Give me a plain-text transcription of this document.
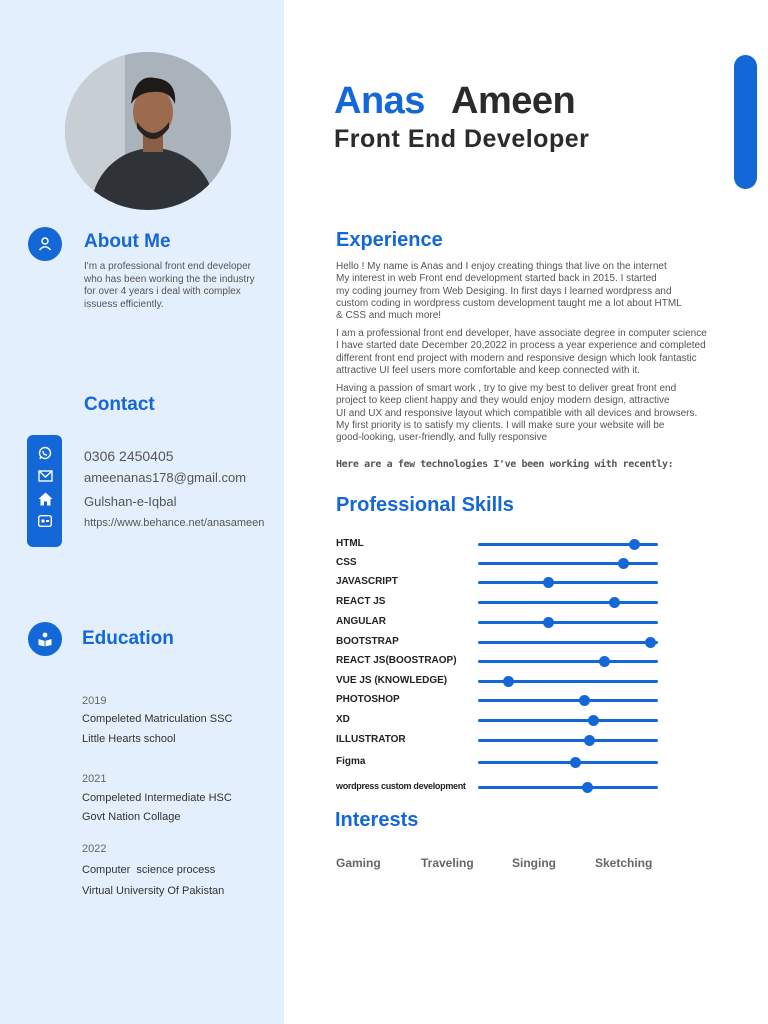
About Me
I'm a professional front end developer
who has been working the the industry
for over 4 years i deal with complex
issuess efficiently.
Contact
0306 2450405
ameenanas178@gmail.com
Gulshan-e-Iqbal
https://www.behance.net/anasameen
Education
2019
Compeleted Matriculation SSC
Little Hearts school
2021
Compeleted Intermediate HSC
Govt Nation Collage
2022
Computer  science process
Virtual University Of Pakistan
Anas Ameen
Front End Developer
Experience
Hello ! My name is Anas and I enjoy creating things that live on the internet
My interest in web Front end development started back in 2015. I started
my coding journey from Web Desiging. In first days I learned wordpress and
custom coding in wordpress custom development taught me a lot about HTML
& CSS and much more!
I am a professional front end developer, have associate degree in computer science
I have started date December 20,2022 in process a year experience and completed
different front end project with modern and responsive design which look fantastic
attractive UI feel users more comfortable and keep connected with it.
Having a passion of smart work , try to give my best to deliver great front end
project to keep client happy and they would enjoy modern design, attractive
UI and UX and responsive layout which compatible with all devices and browsers.
My first priority is to satisfy my clients. I will make sure your website will be
good-looking, user-friendly, and fully responsive
Here are a few technologies I've been working with recently:
Professional Skills
HTML
CSS
JAVASCRIPT
REACT JS
ANGULAR
BOOTSTRAP
REACT JS(BOOSTRAOP)
VUE JS (KNOWLEDGE)
PHOTOSHOP
XD
ILLUSTRATOR
Figma
wordpress custom development
Interests
Gaming	Traveling	Singing	Sketching
